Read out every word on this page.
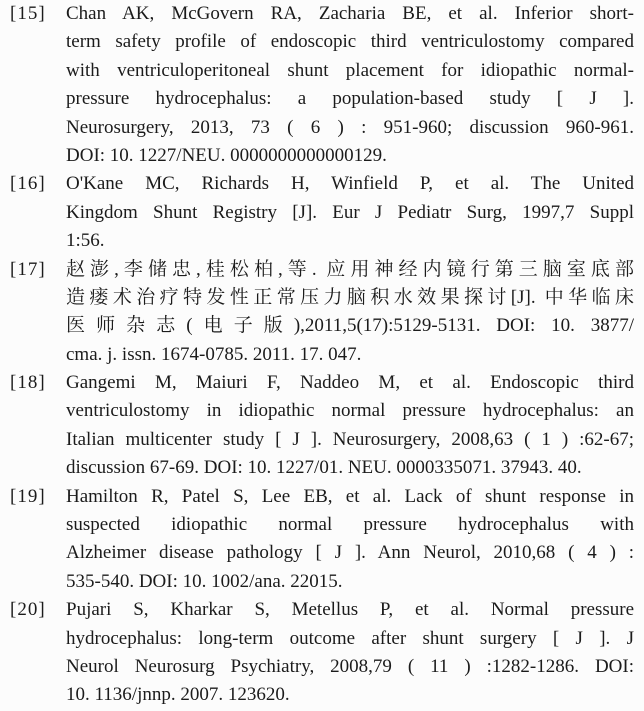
[15]	Chan AK, McGovern RA, Zacharia BE, et al. Inferior short-
term safety profile of endoscopic third ventriculostomy compared
with ventriculoperitoneal shunt placement for idiopathic normal-
pressure hydrocephalus: a population-based study [ J ].
Neurosurgery, 2013, 73 ( 6 ) : 951-960; discussion 960-961.
DOI: 10. 1227/NEU. 0000000000000129.
[16]	O'Kane MC, Richards H, Winfield P, et al. The United
Kingdom Shunt Registry [J]. Eur J Pediatr Surg, 1997,7 Suppl
1:56.
[17]	赵澎,李储忠,桂松柏,等. 应用神经内镜行第三脑室底部
造瘘术治疗特发性正常压力脑积水效果探讨[J]. 中华临床
医师杂志(电子版),2011,5(17):5129-5131. DOI: 10. 3877/
cma. j. issn. 1674-0785. 2011. 17. 047.
[18]	Gangemi M, Maiuri F, Naddeo M, et al. Endoscopic third
ventriculostomy in idiopathic normal pressure hydrocephalus: an
Italian multicenter study [ J ]. Neurosurgery, 2008,63 ( 1 ) :62-67;
discussion 67-69. DOI: 10. 1227/01. NEU. 0000335071. 37943. 40.
[19]	Hamilton R, Patel S, Lee EB, et al. Lack of shunt response in
suspected idiopathic normal pressure hydrocephalus with
Alzheimer disease pathology [ J ]. Ann Neurol, 2010,68 ( 4 ) :
535-540. DOI: 10. 1002/ana. 22015.
[20]	Pujari S, Kharkar S, Metellus P, et al. Normal pressure
hydrocephalus: long-term outcome after shunt surgery [ J ]. J
Neurol Neurosurg Psychiatry, 2008,79 ( 11 ) :1282-1286. DOI:
10. 1136/jnnp. 2007. 123620.
